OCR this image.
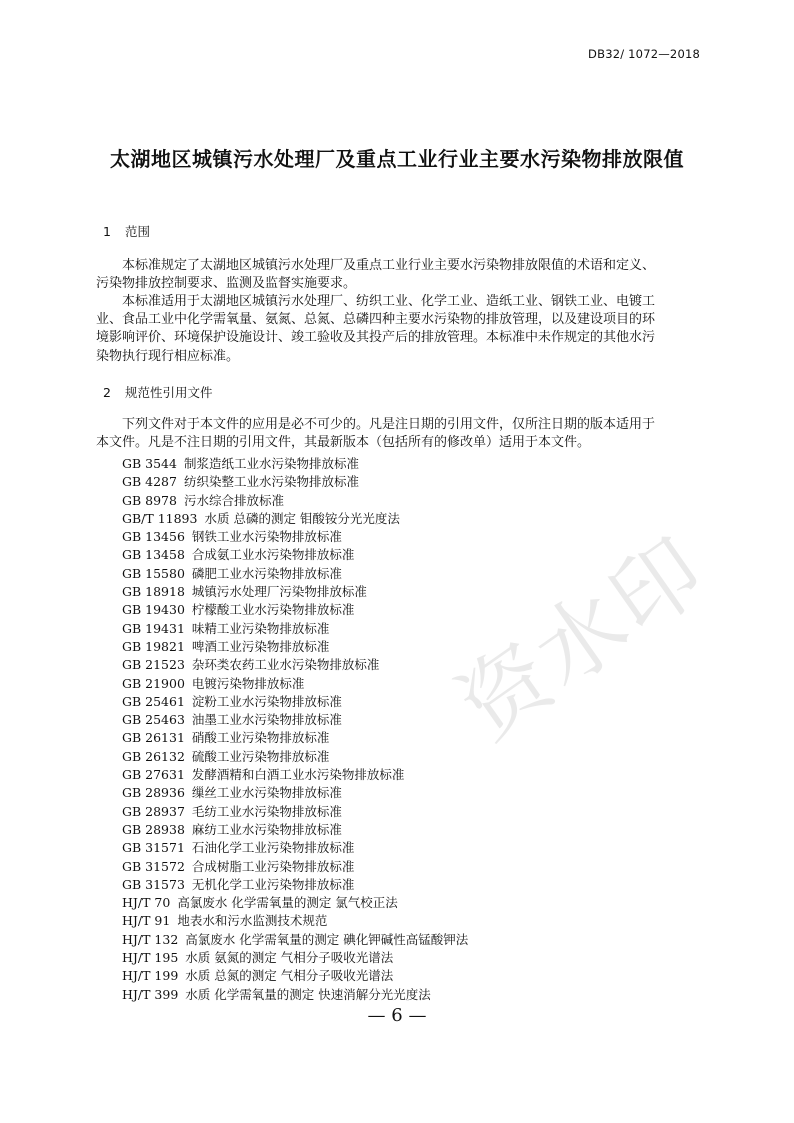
资水印
DB32/ 1072—2018
太湖地区城镇污水处理厂及重点工业行业主要水污染物排放限值
1 范围
本标准规定了太湖地区城镇污水处理厂及重点工业行业主要水污染物排放限值的术语和定义、
污染物排放控制要求、监测及监督实施要求。
本标准适用于太湖地区城镇污水处理厂、纺织工业、化学工业、造纸工业、钢铁工业、电镀工
业、食品工业中化学需氧量、氨氮、总氮、总磷四种主要水污染物的排放管理，以及建设项目的环
境影响评价、环境保护设施设计、竣工验收及其投产后的排放管理。本标准中未作规定的其他水污
染物执行现行相应标准。
2 规范性引用文件
下列文件对于本文件的应用是必不可少的。凡是注日期的引用文件，仅所注日期的版本适用于
本文件。凡是不注日期的引用文件，其最新版本（包括所有的修改单）适用于本文件。
GB 3544 制浆造纸工业水污染物排放标准
GB 4287 纺织染整工业水污染物排放标准
GB 8978 污水综合排放标准
GB/T 11893 水质 总磷的测定 钼酸铵分光光度法
GB 13456 钢铁工业水污染物排放标准
GB 13458 合成氨工业水污染物排放标准
GB 15580 磷肥工业水污染物排放标准
GB 18918 城镇污水处理厂污染物排放标准
GB 19430 柠檬酸工业水污染物排放标准
GB 19431 味精工业污染物排放标准
GB 19821 啤酒工业污染物排放标准
GB 21523 杂环类农药工业水污染物排放标准
GB 21900 电镀污染物排放标准
GB 25461 淀粉工业水污染物排放标准
GB 25463 油墨工业水污染物排放标准
GB 26131 硝酸工业污染物排放标准
GB 26132 硫酸工业污染物排放标准
GB 27631 发酵酒精和白酒工业水污染物排放标准
GB 28936 缫丝工业水污染物排放标准
GB 28937 毛纺工业水污染物排放标准
GB 28938 麻纺工业水污染物排放标准
GB 31571 石油化学工业污染物排放标准
GB 31572 合成树脂工业污染物排放标准
GB 31573 无机化学工业污染物排放标准
HJ/T 70 高氯废水 化学需氧量的测定 氯气校正法
HJ/T 91 地表水和污水监测技术规范
HJ/T 132 高氯废水 化学需氧量的测定 碘化钾碱性高锰酸钾法
HJ/T 195 水质 氨氮的测定 气相分子吸收光谱法
HJ/T 199 水质 总氮的测定 气相分子吸收光谱法
HJ/T 399 水质 化学需氧量的测定 快速消解分光光度法
— 6 —
